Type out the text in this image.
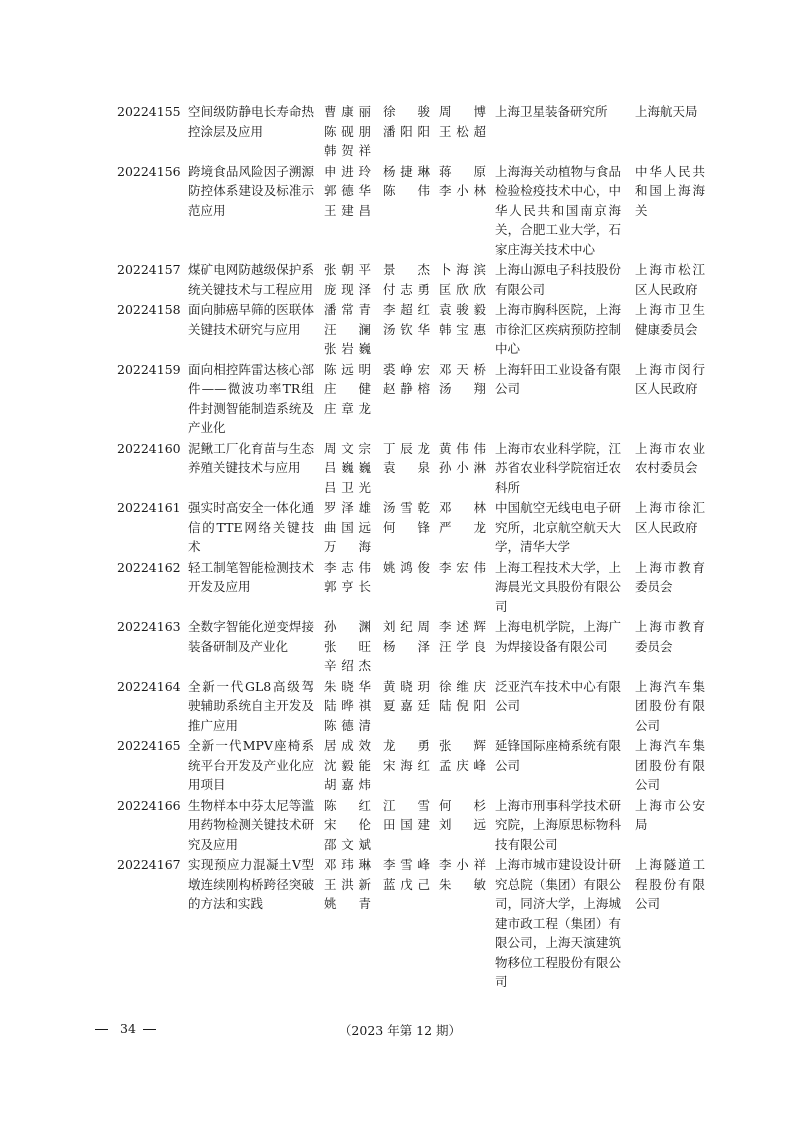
20224155 空间级防静电长寿命热控涂层及应用
曹康丽
陈砚朋
韩贺祥
徐骏
潘阳阳
周博
王松超
上海卫星装备研究所	上海航天局
20224156 跨境食品风险因子溯源防控体系建设及标准示范应用
申进玲
郭德华
王建昌
杨捷琳
陈伟
蒋原
李小林
上海海关动植物与食品检验检疫技术中心，中华人民共和国南京海关，合肥工业大学，石家庄海关技术中心
中华人民共和国上海海关
20224157 煤矿电网防越级保护系统关键技术与工程应用
张朝平
庞现泽
景杰
付志勇
卜海滨
匡欣欣
上海山源电子科技股份有限公司
上海市松江区人民政府
20224158 面向肺癌早筛的医联体关键技术研究与应用
潘常青
汪澜
张岩巍
李超红
汤钦华
袁骏毅
韩宝惠
上海市胸科医院，上海市徐汇区疾病预防控制中心
上海市卫生健康委员会
20224159 面向相控阵雷达核心部件——微波功率TR组件封测智能制造系统及产业化
陈远明
庄健
庄章龙
裘峥宏
赵静榕
邓天桥
汤翔
上海轩田工业设备有限公司
上海市闵行区人民政府
20224160 泥鳅工厂化育苗与生态养殖关键技术与应用
周文宗
吕巍巍
吕卫光
丁辰龙
袁泉
黄伟伟
孙小淋
上海市农业科学院，江苏省农业科学院宿迁农科所
上海市农业农村委员会
20224161 强实时高安全一体化通信的TTE网络关键技术
罗泽雄
曲国远
万海
汤雪乾
何锋
邓林
严龙
中国航空无线电电子研究所，北京航空航天大学，清华大学
上海市徐汇区人民政府
20224162 轻工制笔智能检测技术开发及应用
李志伟
郭亨长
姚鸿俊 李宏伟 上海工程技术大学，上海晨光文具股份有限公司
上海市教育委员会
20224163 全数字智能化逆变焊接装备研制及产业化
孙渊
张旺
辛绍杰
刘纪周
杨泽
李述辉
汪学良
上海电机学院，上海广为焊接设备有限公司
上海市教育委员会
20224164 全新一代GL8高级驾驶辅助系统自主开发及推广应用
朱晓华
陆晔祺
陈德清
黄晓玥
夏嘉廷
徐维庆
陆倪阳
泛亚汽车技术中心有限公司
上海汽车集团股份有限公司
20224165 全新一代MPV座椅系统平台开发及产业化应用项目
居成效
沈毅能
胡嘉炜
龙勇
宋海红
张辉
孟庆峰
延锋国际座椅系统有限公司
上海汽车集团股份有限公司
20224166 生物样本中芬太尼等滥用药物检测关键技术研究及应用
陈红
宋伦
邵文斌
江雪
田国建
何杉
刘远
上海市刑事科学技术研究院，上海原思标物科技有限公司
上海市公安局
20224167 实现预应力混凝土V型墩连续刚构桥跨径突破的方法和实践
邓玮琳
王洪新
姚青
李雪峰
蓝戊己
李小祥
朱敏
上海市城市建设设计研究总院（集团）有限公司，同济大学，上海城建市政工程（集团）有限公司，上海天演建筑物移位工程股份有限公司
上海隧道工程股份有限公司
34	（2023 年第 12 期）
